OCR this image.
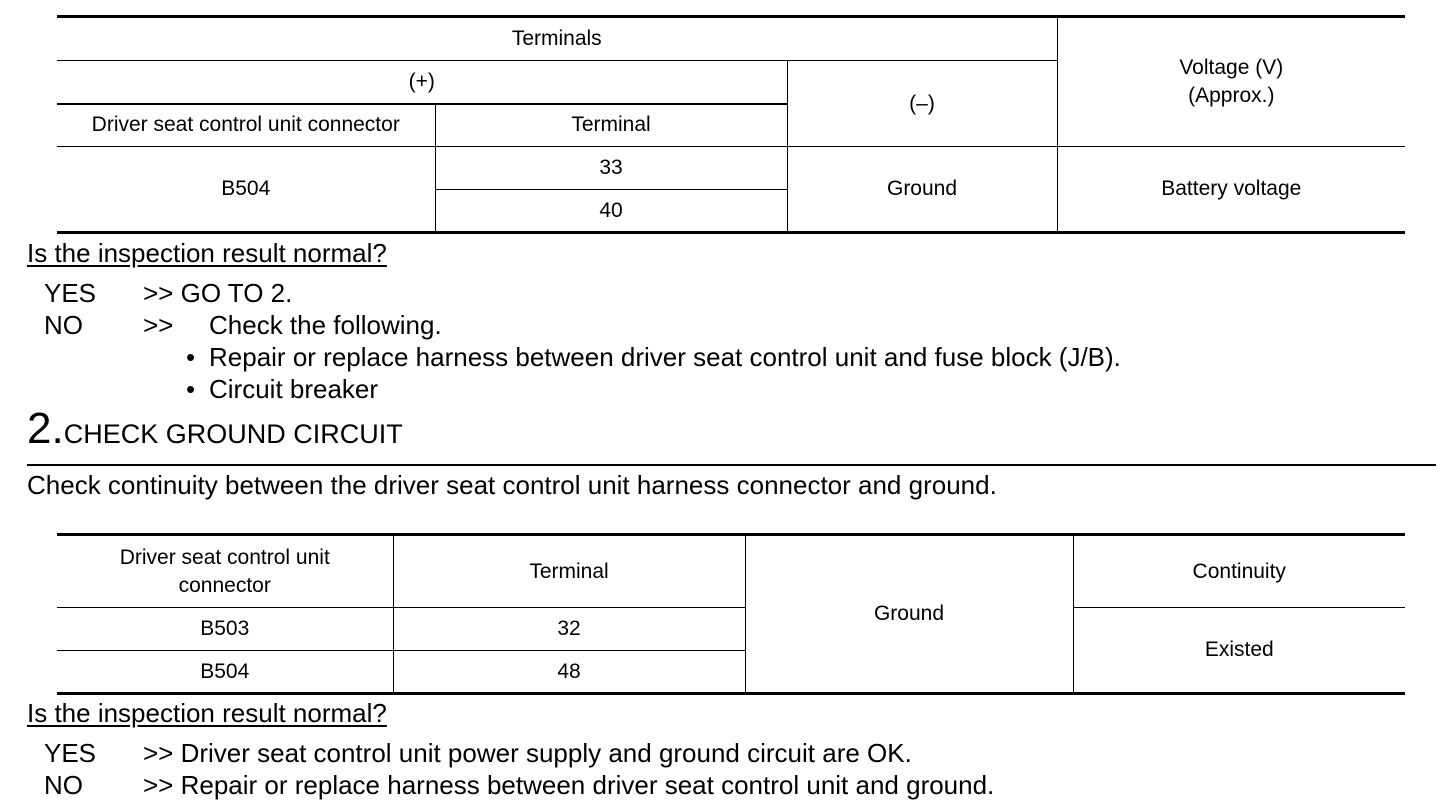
Terminals			Voltage (V)
(Approx.)
(+)		(–)	
Driver seat control unit connector	Terminal		
B504	33	Ground	Battery voltage
	40		
Is the inspection result normal?
YES >> GO TO 2.
NO >> Check the following.
• Repair or replace harness between driver seat control unit and fuse block (J/B).
• Circuit breaker
2.CHECK GROUND CIRCUIT
Check continuity between the driver seat control unit harness connector and ground.
Driver seat control unit
connector	Terminal	Ground	Continuity
B503	32		Existed
B504	48		
Is the inspection result normal?
YES >> Driver seat control unit power supply and ground circuit are OK.
NO >> Repair or replace harness between driver seat control unit and ground.
